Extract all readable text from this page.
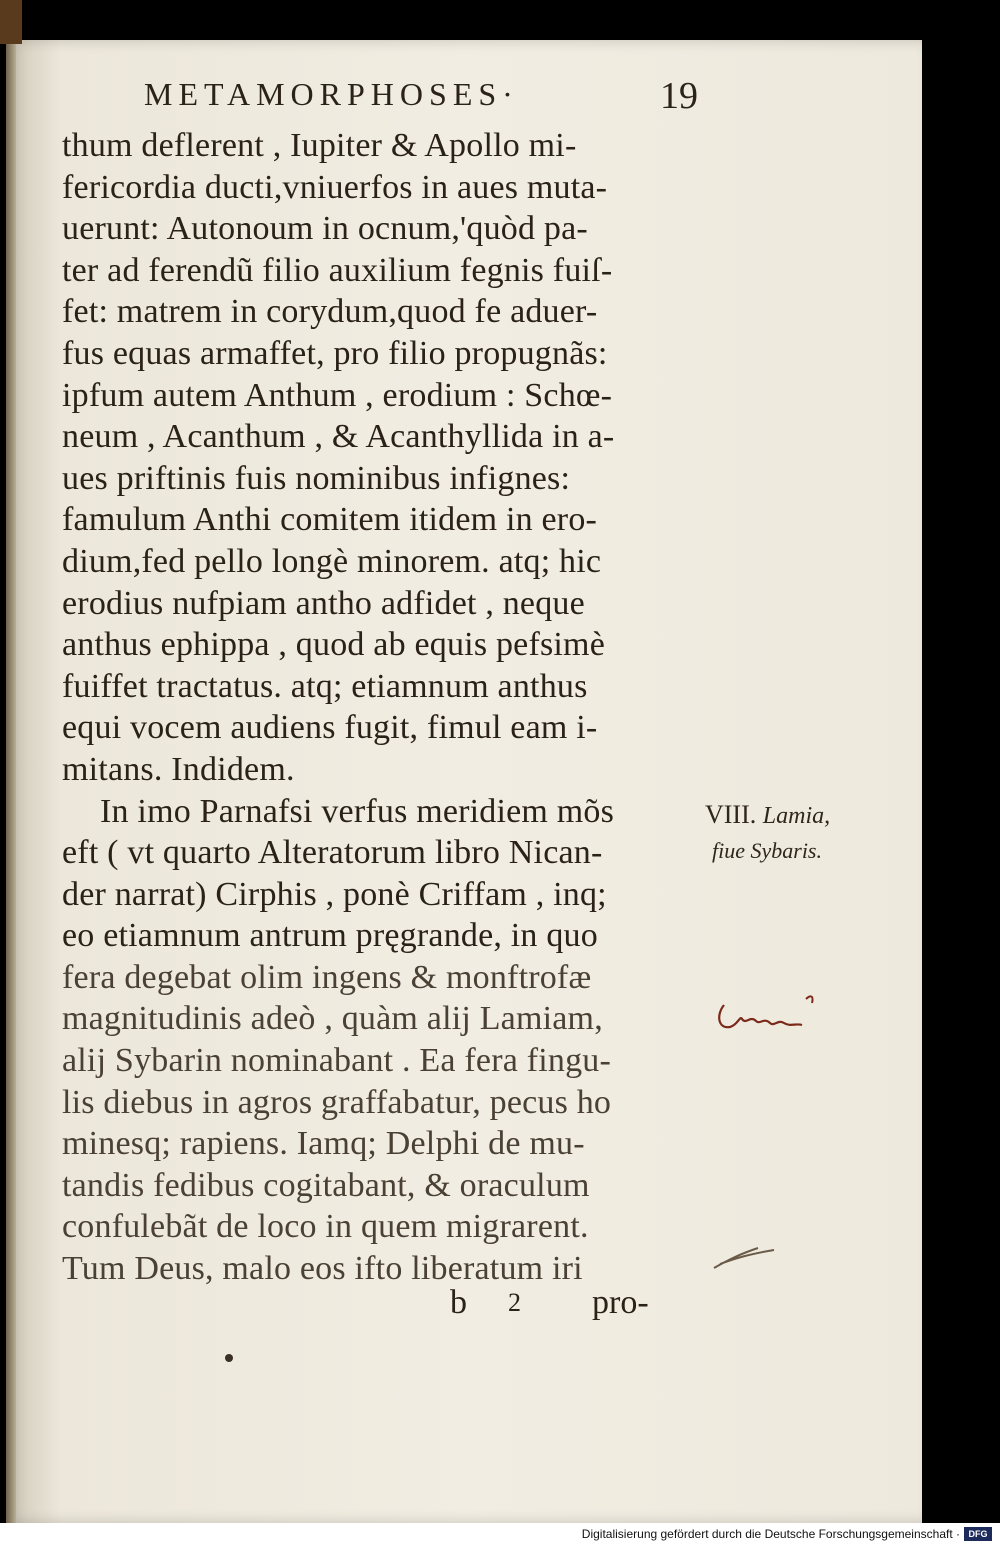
METAMORPHOSES·	19
thum deflerent , Iupiter & Apollo mi-
fericordia ducti,vniuerfos in aues muta-
uerunt: Autonoum in ocnum,'quòd pa-
ter ad ferendũ filio auxilium fegnis fuiſ-
fet: matrem in corydum,quod fe aduer-
fus equas armaffet, pro filio propugnãs:
ipfum autem Anthum , erodium : Schœ-
neum , Acanthum , & Acanthyllida in a-
ues priftinis fuis nominibus infignes:
famulum Anthi comitem itidem in ero-
dium,fed pello longè minorem. atq; hic
erodius nufpiam antho adfidet , neque
anthus ephippa , quod ab equis pefsimè
fuiffet tractatus. atq; etiamnum anthus
equi vocem audiens fugit, fimul eam i-
mitans. Indidem.
In imo Parnafsi verfus meridiem mõs
eft ( vt quarto Alteratorum libro Nican-
der narrat) Cirphis , ponè Criffam , inq;
eo etiamnum antrum pręgrande, in quo
fera degebat olim ingens & monftrofæ
magnitudinis adeò , quàm alij Lamiam,
alij Sybarin nominabant . Ea fera fingu-
lis diebus in agros graffabatur, pecus ho
minesq; rapiens. Iamq; Delphi de mu-
tandis fedibus cogitabant, & oraculum
confulebãt de loco in quem migrarent.
Tum Deus, malo eos ifto liberatum iri
VIII. Lamia,
fiue Sybaris.
b 2 pro-
Digitalisierung gefördert durch die Deutsche Forschungsgemeinschaft · DFG
